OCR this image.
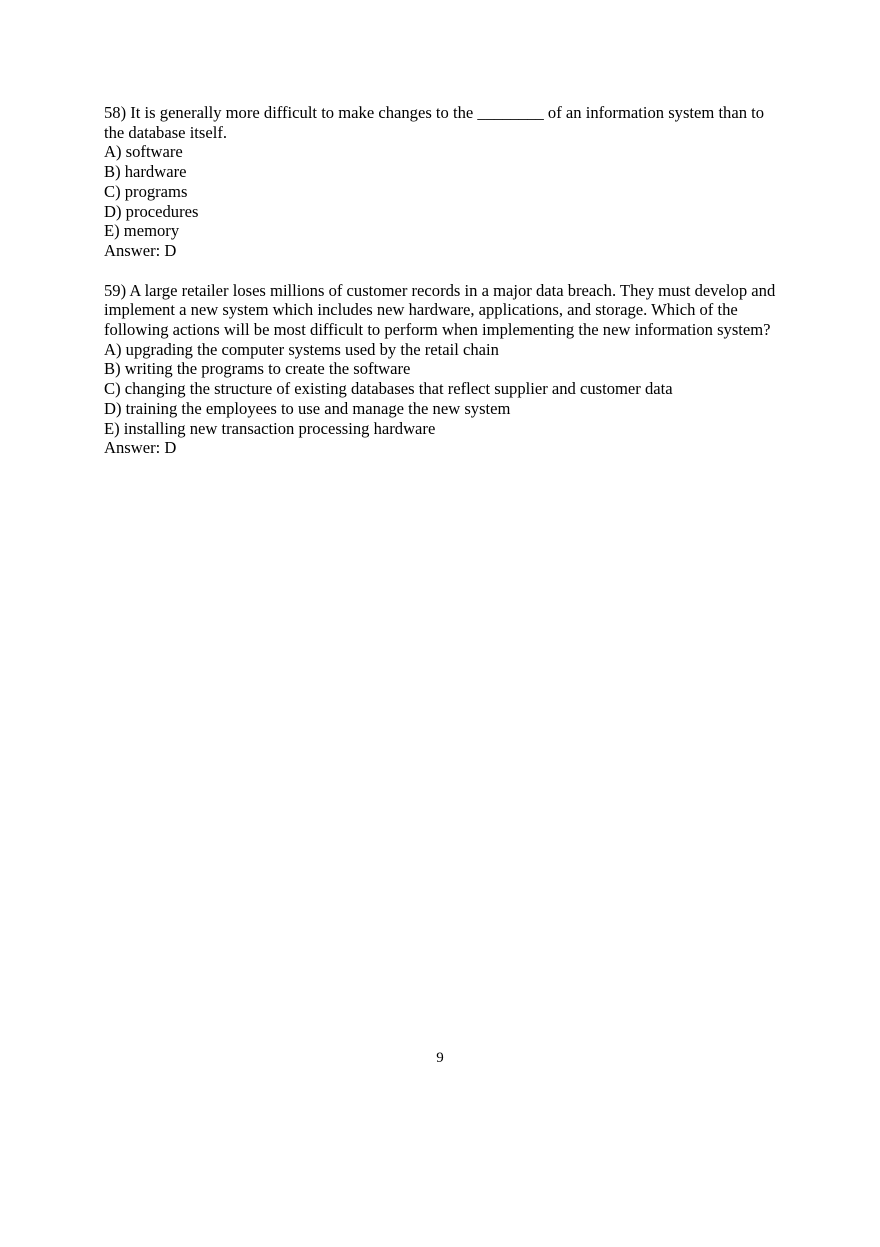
58) It is generally more difficult to make changes to the ________ of an information system than to the database itself.

A) software

B) hardware

C) programs

D) procedures

E) memory

Answer: D

59) A large retailer loses millions of customer records in a major data breach. They must develop and implement a new system which includes new hardware, applications, and storage. Which of the following actions will be most difficult to perform when implementing the new information system?

A) upgrading the computer systems used by the retail chain

B) writing the programs to create the software

C) changing the structure of existing databases that reflect supplier and customer data

D) training the employees to use and manage the new system

E) installing new transaction processing hardware

Answer: D

9
